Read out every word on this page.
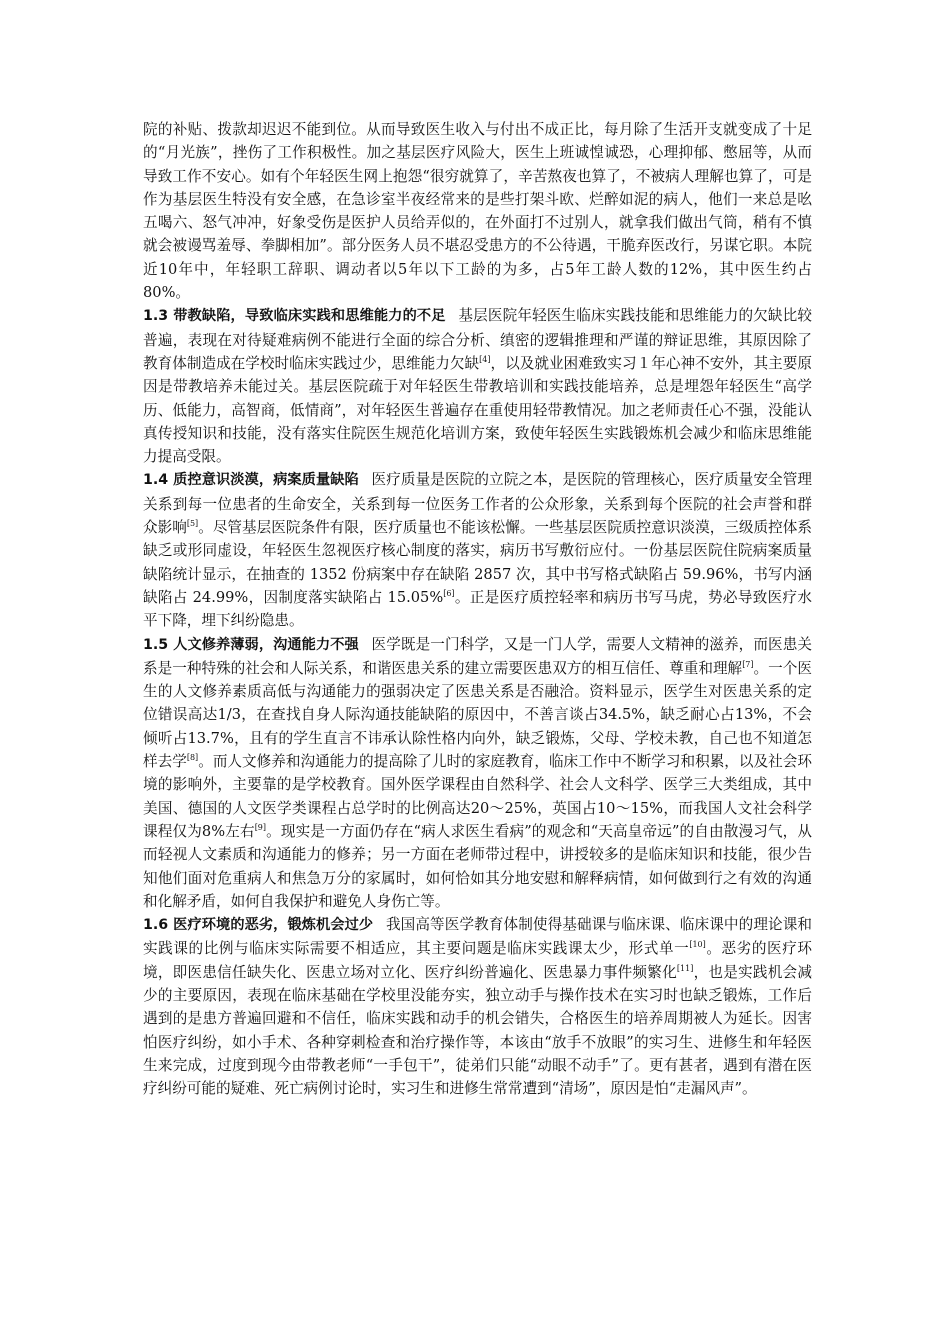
院的补贴、拨款却迟迟不能到位。从而导致医生收入与付出不成正比，每月除了生活开支就变成了十足的“月光族”，挫伤了工作积极性。加之基层医疗风险大，医生上班诚惶诚恐，心理抑郁、憋屈等，从而导致工作不安心。如有个年轻医生网上抱怨“很穷就算了，辛苦熬夜也算了，不被病人理解也算了，可是作为基层医生特没有安全感，在急诊室半夜经常来的是些打架斗欧、烂醉如泥的病人，他们一来总是吆五喝六、怒气冲冲，好象受伤是医护人员给弄似的，在外面打不过别人，就拿我们做出气筒，稍有不慎就会被谩骂羞辱、拳脚相加”。部分医务人员不堪忍受患方的不公待遇，干脆弃医改行，另谋它职。本院近10年中，年轻职工辞职、调动者以5年以下工龄的为多，占5年工龄人数的12%，其中医生约占80%。

1.3 带教缺陷，导致临床实践和思维能力的不足 基层医院年轻医生临床实践技能和思维能力的欠缺比较普遍，表现在对待疑难病例不能进行全面的综合分析、缜密的逻辑推理和严谨的辩证思维，其原因除了教育体制造成在学校时临床实践过少，思维能力欠缺[4]，以及就业困难致实习１年心神不安外，其主要原因是带教培养未能过关。基层医院疏于对年轻医生带教培训和实践技能培养，总是埋怨年轻医生“高学历、低能力，高智商，低情商”，对年轻医生普遍存在重使用轻带教情况。加之老师责任心不强，没能认真传授知识和技能，没有落实住院医生规范化培训方案，致使年轻医生实践锻炼机会减少和临床思维能力提高受限。

1.4 质控意识淡漠，病案质量缺陷 医疗质量是医院的立院之本，是医院的管理核心，医疗质量安全管理关系到每一位患者的生命安全，关系到每一位医务工作者的公众形象，关系到每个医院的社会声誉和群众影响[5]。尽管基层医院条件有限，医疗质量也不能该松懈。一些基层医院质控意识淡漠，三级质控体系缺乏或形同虚设，年轻医生忽视医疗核心制度的落实，病历书写敷衍应付。一份基层医院住院病案质量缺陷统计显示，在抽查的 1352 份病案中存在缺陷 2857 次，其中书写格式缺陷占 59.96%，书写内涵缺陷占 24.99%，因制度落实缺陷占 15.05%[6]。正是医疗质控轻率和病历书写马虎，势必导致医疗水平下降，埋下纠纷隐患。

1.5 人文修养薄弱，沟通能力不强 医学既是一门科学，又是一门人学，需要人文精神的滋养，而医患关系是一种特殊的社会和人际关系，和谐医患关系的建立需要医患双方的相互信任、尊重和理解[7]。一个医生的人文修养素质高低与沟通能力的强弱决定了医患关系是否融洽。资料显示，医学生对医患关系的定位错误高达1/3，在查找自身人际沟通技能缺陷的原因中，不善言谈占34.5%，缺乏耐心占13%，不会倾听占13.7%，且有的学生直言不讳承认除性格内向外，缺乏锻炼，父母、学校未教，自己也不知道怎样去学[8]。而人文修养和沟通能力的提高除了儿时的家庭教育，临床工作中不断学习和积累，以及社会环境的影响外，主要靠的是学校教育。国外医学课程由自然科学、社会人文科学、医学三大类组成，其中美国、德国的人文医学类课程占总学时的比例高达20～25%，英国占10～15%，而我国人文社会科学课程仅为8%左右[9]。现实是一方面仍存在“病人求医生看病”的观念和“天高皇帝远”的自由散漫习气，从而轻视人文素质和沟通能力的修养；另一方面在老师带过程中，讲授较多的是临床知识和技能，很少告知他们面对危重病人和焦急万分的家属时，如何恰如其分地安慰和解释病情，如何做到行之有效的沟通和化解矛盾，如何自我保护和避免人身伤亡等。

1.6 医疗环境的恶劣，锻炼机会过少 我国高等医学教育体制使得基础课与临床课、临床课中的理论课和实践课的比例与临床实际需要不相适应，其主要问题是临床实践课太少，形式单一[10]。恶劣的医疗环境，即医患信任缺失化、医患立场对立化、医疗纠纷普遍化、医患暴力事件频繁化[11]，也是实践机会减少的主要原因，表现在临床基础在学校里没能夯实，独立动手与操作技术在实习时也缺乏锻炼，工作后遇到的是患方普遍回避和不信任，临床实践和动手的机会错失，合格医生的培养周期被人为延长。因害怕医疗纠纷，如小手术、各种穿刺检查和治疗操作等，本该由“放手不放眼”的实习生、进修生和年轻医生来完成，过度到现今由带教老师“一手包干”，徒弟们只能“动眼不动手”了。更有甚者，遇到有潜在医疗纠纷可能的疑难、死亡病例讨论时，实习生和进修生常常遭到“清场”，原因是怕“走漏风声”。
